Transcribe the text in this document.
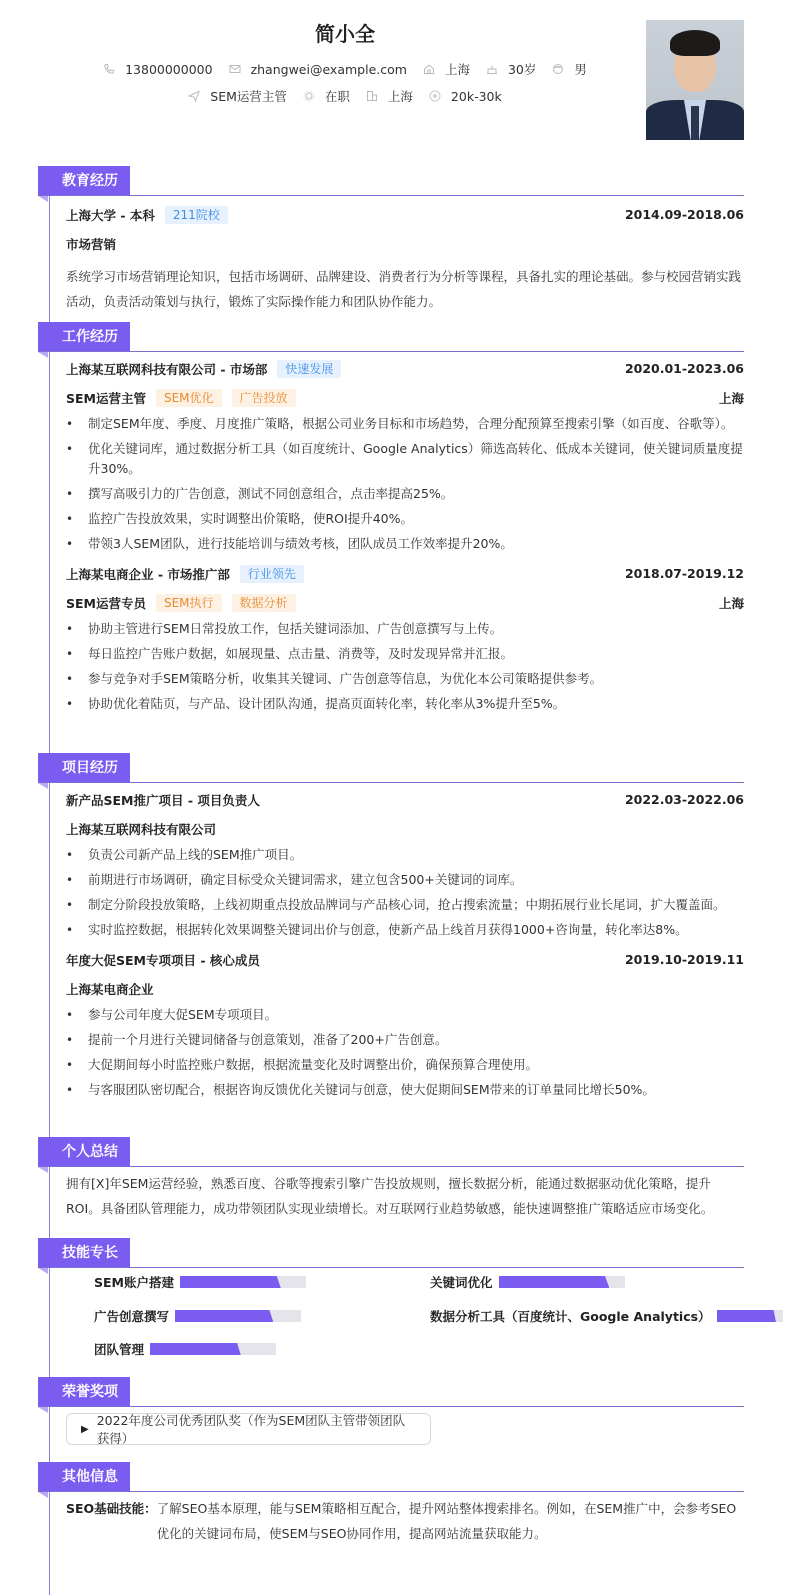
简小全
13800000000	zhangwei@example.com	上海	30岁	男
SEM运营主管	在职	上海	20k-30k
教育经历
上海大学 - 本科	211院校	2014.09-2018.06
市场营销
系统学习市场营销理论知识，包括市场调研、品牌建设、消费者行为分析等课程，具备扎实的理论基础。参与校园营销实践活动，负责活动策划与执行，锻炼了实际操作能力和团队协作能力。
工作经历
上海某互联网科技有限公司 - 市场部	快速发展	2020.01-2023.06
SEM运营主管	SEM优化	广告投放	上海
• 制定SEM年度、季度、月度推广策略，根据公司业务目标和市场趋势，合理分配预算至搜索引擎（如百度、谷歌等）。
• 优化关键词库，通过数据分析工具（如百度统计、Google Analytics）筛选高转化、低成本关键词，使关键词质量度提升30%。
• 撰写高吸引力的广告创意，测试不同创意组合，点击率提高25%。
• 监控广告投放效果，实时调整出价策略，使ROI提升40%。
• 带领3人SEM团队，进行技能培训与绩效考核，团队成员工作效率提升20%。
上海某电商企业 - 市场推广部	行业领先	2018.07-2019.12
SEM运营专员	SEM执行	数据分析	上海
• 协助主管进行SEM日常投放工作，包括关键词添加、广告创意撰写与上传。
• 每日监控广告账户数据，如展现量、点击量、消费等，及时发现异常并汇报。
• 参与竞争对手SEM策略分析，收集其关键词、广告创意等信息，为优化本公司策略提供参考。
• 协助优化着陆页，与产品、设计团队沟通，提高页面转化率，转化率从3%提升至5%。
项目经历
新产品SEM推广项目 - 项目负责人	2022.03-2022.06
上海某互联网科技有限公司
• 负责公司新产品上线的SEM推广项目。
• 前期进行市场调研，确定目标受众关键词需求，建立包含500+关键词的词库。
• 制定分阶段投放策略，上线初期重点投放品牌词与产品核心词，抢占搜索流量；中期拓展行业长尾词，扩大覆盖面。
• 实时监控数据，根据转化效果调整关键词出价与创意，使新产品上线首月获得1000+咨询量，转化率达8%。
年度大促SEM专项项目 - 核心成员	2019.10-2019.11
上海某电商企业
• 参与公司年度大促SEM专项项目。
• 提前一个月进行关键词储备与创意策划，准备了200+广告创意。
• 大促期间每小时监控账户数据，根据流量变化及时调整出价，确保预算合理使用。
• 与客服团队密切配合，根据咨询反馈优化关键词与创意，使大促期间SEM带来的订单量同比增长50%。
个人总结
拥有[X]年SEM运营经验，熟悉百度、谷歌等搜索引擎广告投放规则，擅长数据分析，能通过数据驱动优化策略，提升ROI。具备团队管理能力，成功带领团队实现业绩增长。对互联网行业趋势敏感，能快速调整推广策略适应市场变化。
技能专长
SEM账户搭建	关键词优化
广告创意撰写	数据分析工具（百度统计、Google Analytics）
团队管理
荣誉奖项
▶
2022年度公司优秀团队奖（作为SEM团队主管带领团队获得）
其他信息
SEO基础技能： 了解SEO基本原理，能与SEM策略相互配合，提升网站整体搜索排名。例如，在SEM推广中，会参考SEO优化的关键词布局，使SEM与SEO协同作用，提高网站流量获取能力。
